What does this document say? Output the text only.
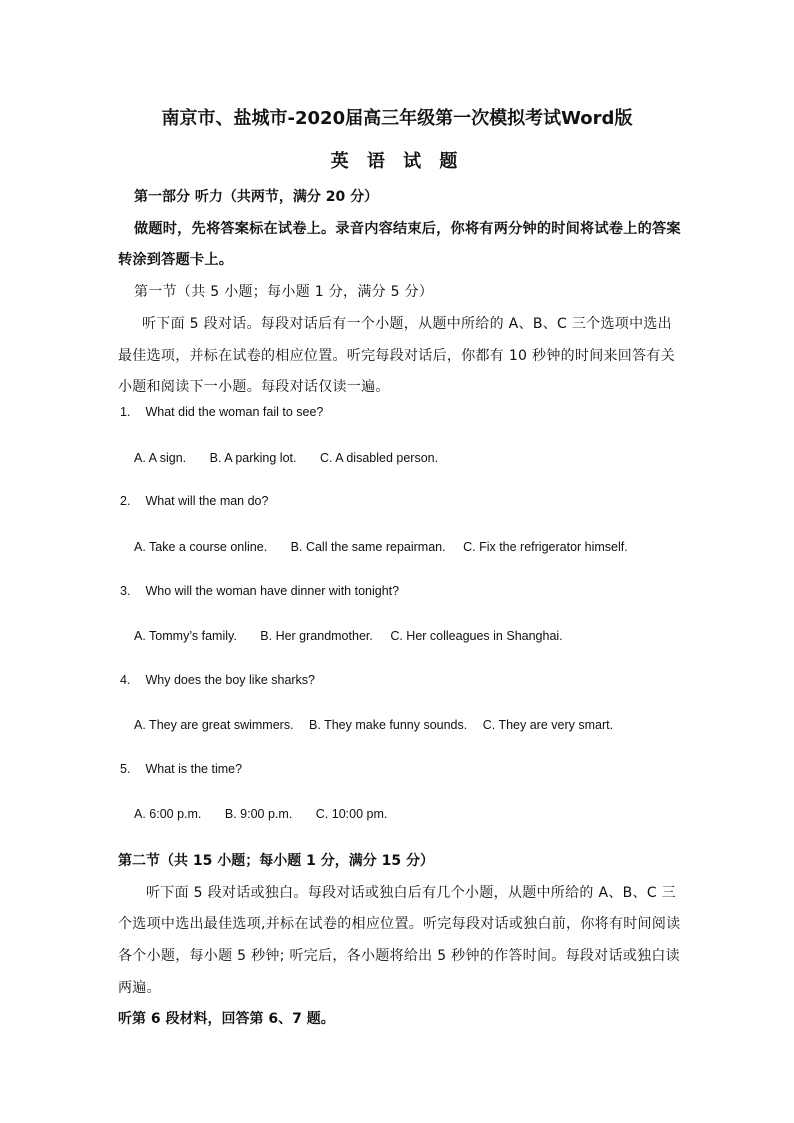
南京市、盐城市-2020届高三年级第一次模拟考试Word版
英 语 试 题
第一部分 听力（共两节，满分 20 分）
做题时，先将答案标在试卷上。录音内容结束后，你将有两分钟的时间将试卷上的答案
转涂到答题卡上。
第一节（共 5 小题；每小题 1 分，满分 5 分）
听下面 5 段对话。每段对话后有一个小题，从题中所给的 A、B、C 三个选项中选出
最佳选项，并标在试卷的相应位置。听完每段对话后，你都有 10 秒钟的时间来回答有关
小题和阅读下一小题。每段对话仅读一遍。
1. What did the woman fail to see?
A. A sign. B. A parking lot. C. A disabled person.
2. What will the man do?
A. Take a course online. B. Call the same repairman. C. Fix the refrigerator himself.
3. Who will the woman have dinner with tonight?
A. Tommy’s family. B. Her grandmother. C. Her colleagues in Shanghai.
4. Why does the boy like sharks?
A. They are great swimmers. B. They make funny sounds. C. They are very smart.
5. What is the time?
A. 6:00 p.m. B. 9:00 p.m. C. 10:00 pm.
第二节（共 15 小题；每小题 1 分，满分 15 分）
听下面 5 段对话或独白。每段对话或独白后有几个小题，从题中所给的 A、B、C 三
个选项中选出最佳选项,并标在试卷的相应位置。听完每段对话或独白前，你将有时间阅读
各个小题，每小题 5 秒钟; 听完后，各小题将给出 5 秒钟的作答时间。每段对话或独白读
两遍。
听第 6 段材料，回答第 6、7 题。
